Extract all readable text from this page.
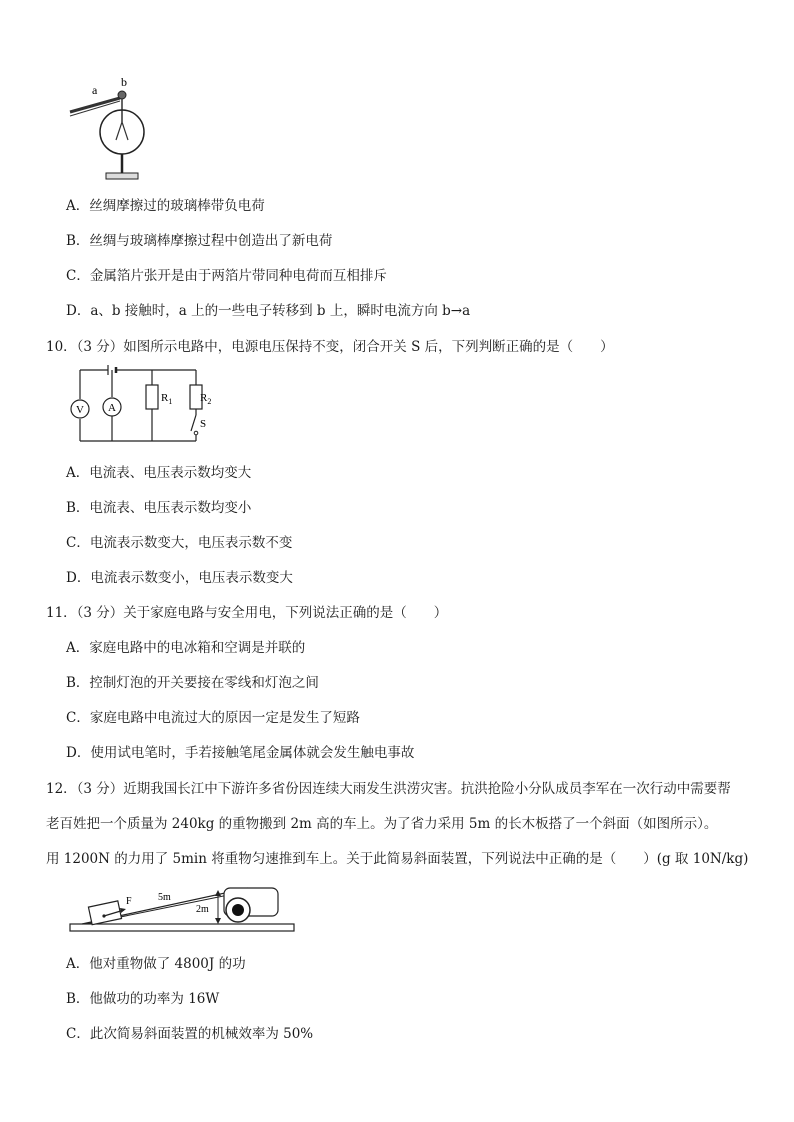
a
b
A．丝绸摩擦过的玻璃棒带负电荷
B．丝绸与玻璃棒摩擦过程中创造出了新电荷
C．金属箔片张开是由于两箔片带同种电荷而互相排斥
D．a、b 接触时，a 上的一些电子转移到 b 上，瞬时电流方向 b→a
10．（3 分）如图所示电路中，电源电压保持不变，闭合开关 S 后，下列判断正确的是（　　）
V A
$R_1$	$R_2$
S
A．电流表、电压表示数均变大
B．电流表、电压表示数均变小
C．电流表示数变大，电压表示数不变
D．电流表示数变小，电压表示数变大
11．（3 分）关于家庭电路与安全用电，下列说法正确的是（　　）
A．家庭电路中的电冰箱和空调是并联的
B．控制灯泡的开关要接在零线和灯泡之间
C．家庭电路中电流过大的原因一定是发生了短路
D．使用试电笔时，手若接触笔尾金属体就会发生触电事故
12．（3 分）近期我国长江中下游许多省份因连续大雨发生洪涝灾害。抗洪抢险小分队成员李军在一次行动中需要帮
老百姓把一个质量为 240kg 的重物搬到 2m 高的车上。为了省力采用 5m 的长木板搭了一个斜面（如图所示）。
用 1200N 的力用了 5min 将重物匀速推到车上。关于此简易斜面装置，下列说法中正确的是（　　）(g 取 10N/kg)
F	5m
2m
A．他对重物做了 4800J 的功
B．他做功的功率为 16W
C．此次简易斜面装置的机械效率为 50%
